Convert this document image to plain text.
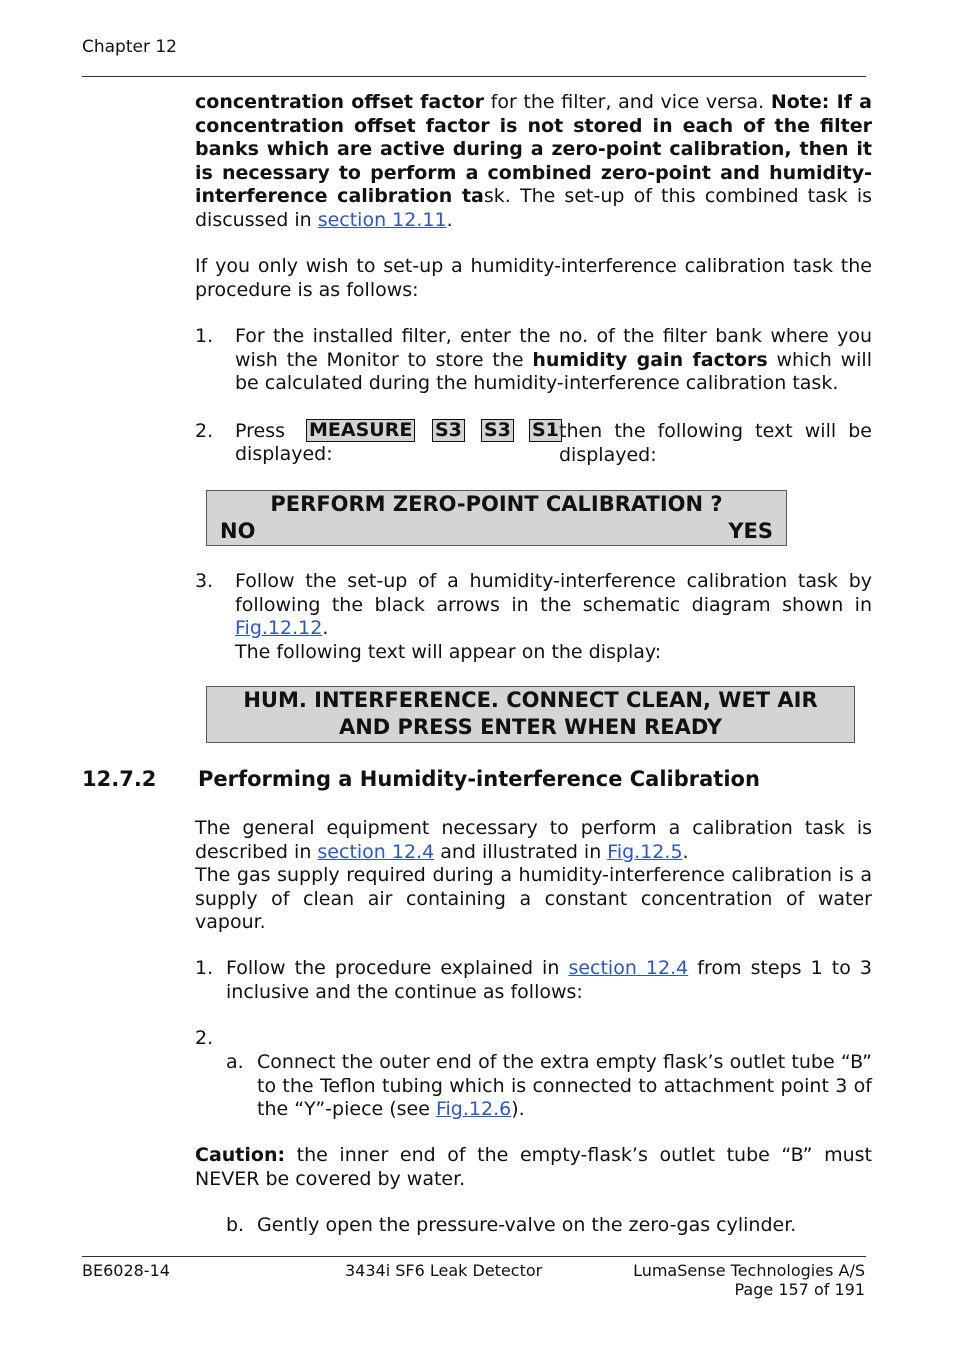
Chapter 12

concentration offset factor for the filter, and vice versa. Note: If a concentration offset factor is not stored in each of the filter banks which are active during a zero-point calibration, then it is necessary to perform a combined zero-point and humidity-interference calibration task. The set-up of this combined task is discussed in section 12.11.

If you only wish to set-up a humidity-interference calibration task the procedure is as follows:

1. For the installed filter, enter the no. of the filter bank where you wish the Monitor to store the humidity gain factors which will be calculated during the humidity-interference calibration task.

2. Press MEASURE S3 S3 S1 then the following text will be displayed:
displayed:
PERFORM ZERO-POINT CALIBRATION ?
NO	YES
3. Follow the set-up of a humidity-interference calibration task by following the black arrows in the schematic diagram shown in Fig.12.12.
The following text will appear on the display:

HUM. INTERFERENCE. CONNECT CLEAN, WET AIR
AND PRESS ENTER WHEN READY
12.7.2 Performing a Humidity-interference Calibration

The general equipment necessary to perform a calibration task is described in section 12.4 and illustrated in Fig.12.5.

The gas supply required during a humidity-interference calibration is a supply of clean air containing a constant concentration of water vapour.

1. Follow the procedure explained in section 12.4 from steps 1 to 3 inclusive and the continue as follows:

2.
a. Connect the outer end of the extra empty flask’s outlet tube “B” to the Teflon tubing which is connected to attachment point 3 of the “Y”-piece (see Fig.12.6).

Caution: the inner end of the empty-flask’s outlet tube “B” must NEVER be covered by water.

b. Gently open the pressure-valve on the zero-gas cylinder.

BE6028-14	3434i SF6 Leak Detector	LumaSense Technologies A/S
Page 157 of 191
